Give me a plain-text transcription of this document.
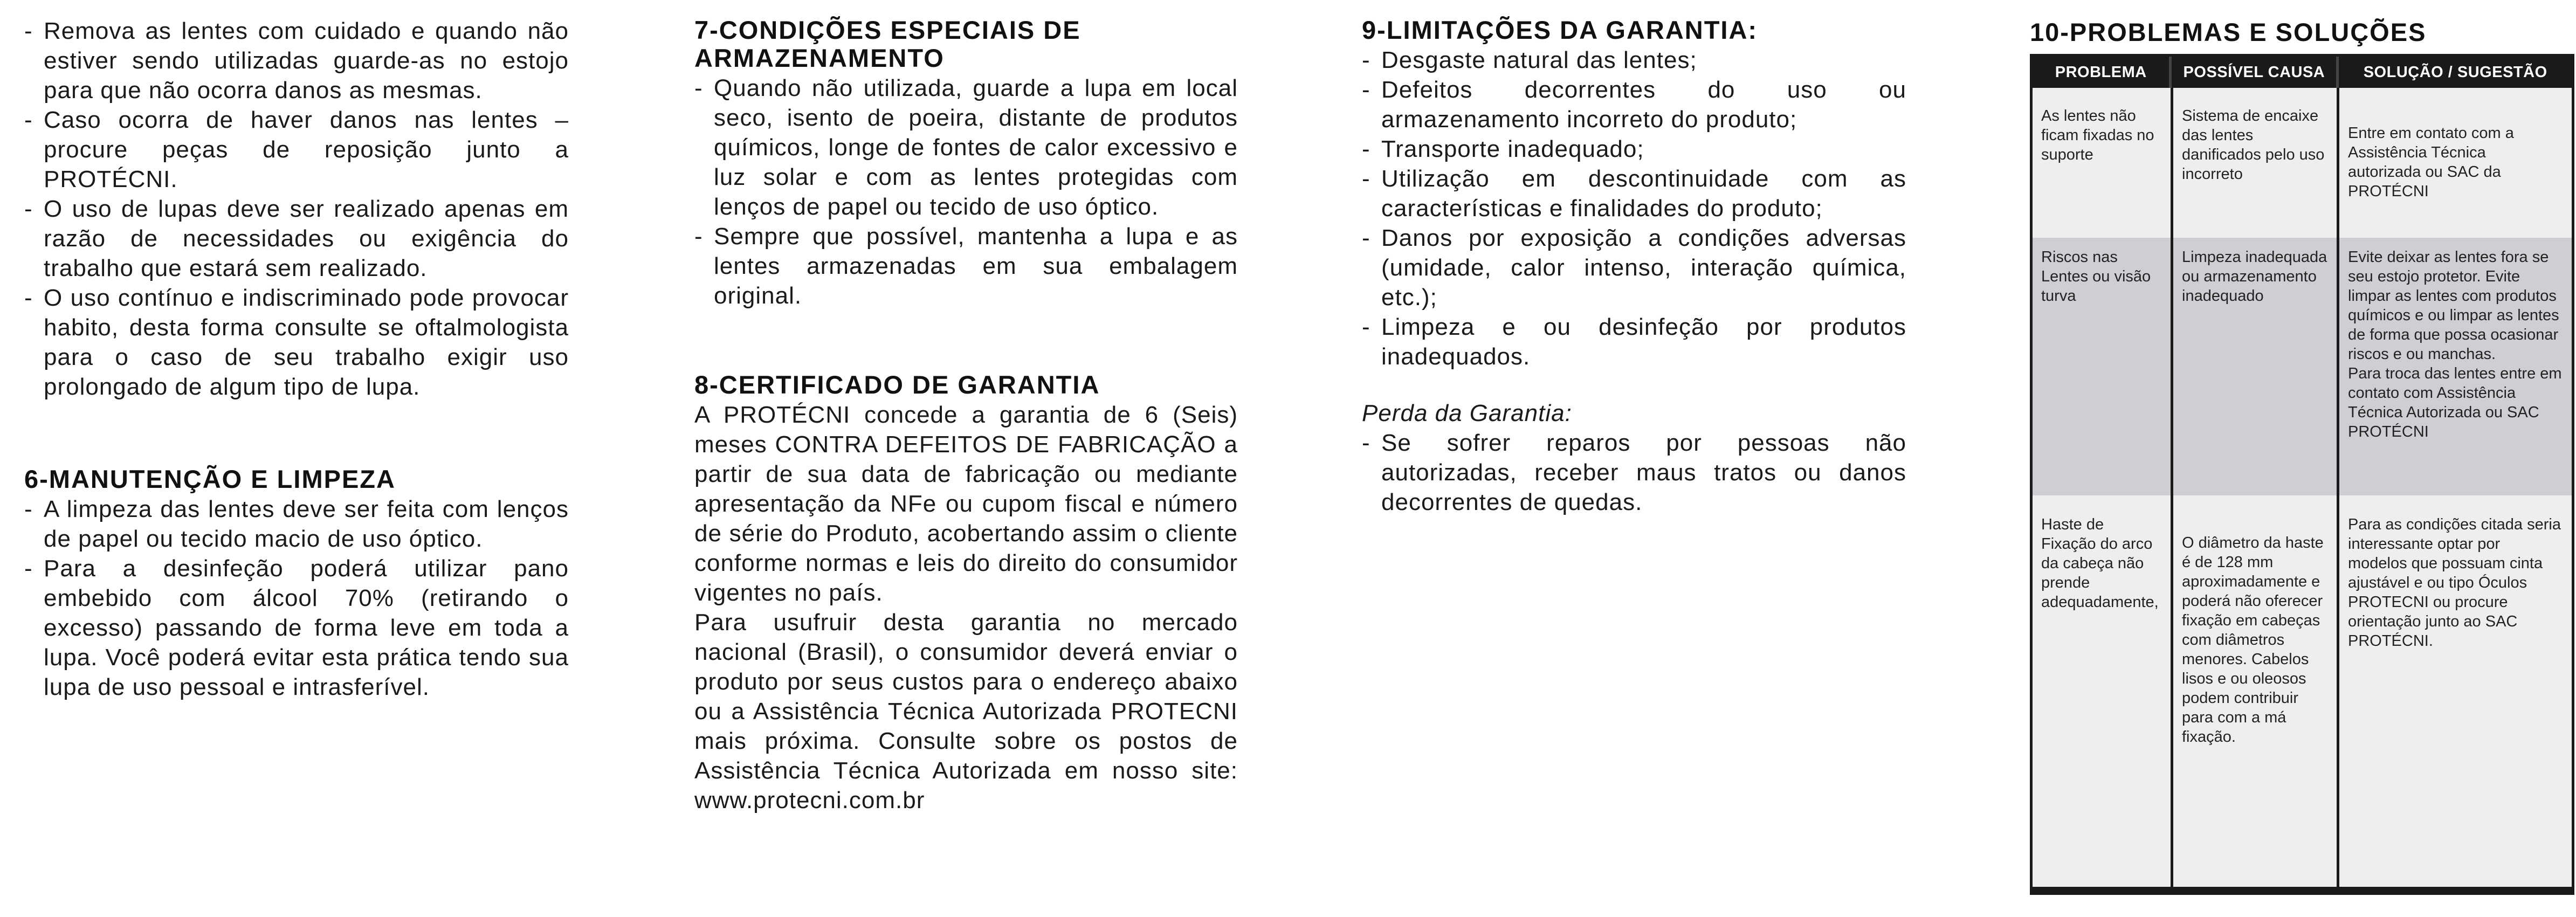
- Remova as lentes com cuidado e quando não estiver sendo utilizadas guarde-as no estojo para que não ocorra danos as mesmas.
- Caso ocorra de haver danos nas lentes – procure peças de reposição junto a PROTÉCNI.
- O uso de lupas deve ser realizado apenas em razão de necessidades ou exigência do trabalho que estará sem realizado.
- O uso contínuo e indiscriminado pode provocar habito, desta forma consulte se oftalmologista para o caso de seu trabalho exigir uso prolongado de algum tipo de lupa.
6-MANUTENÇÃO E LIMPEZA
- A limpeza das lentes deve ser feita com lenços de papel ou tecido macio de uso óptico.
- Para a desinfeção poderá utilizar pano embebido com álcool 70% (retirando o excesso) passando de forma leve em toda a lupa. Você poderá evitar esta prática tendo sua lupa de uso pessoal e intrasferível.
7-CONDIÇÕES ESPECIAIS DE ARMAZENAMENTO
- Quando não utilizada, guarde a lupa em local seco, isento de poeira, distante de produtos químicos, longe de fontes de calor excessivo e luz solar e com as lentes protegidas com lenços de papel ou tecido de uso óptico.
- Sempre que possível, mantenha a lupa e as lentes armazenadas em sua embalagem original.
8-CERTIFICADO DE GARANTIA

A PROTÉCNI concede a garantia de 6 (Seis) meses CONTRA DEFEITOS DE FABRICAÇÃO a partir de sua data de fabricação ou mediante apresentação da NFe ou cupom fiscal e número de série do Produto, acobertando assim o cliente conforme normas e leis do direito do consumidor vigentes no país.

Para usufruir desta garantia no mercado nacional (Brasil), o consumidor deverá enviar o produto por seus custos para o endereço abaixo ou a Assistência Técnica Autorizada PROTECNI mais próxima. Consulte sobre os postos de Assistência Técnica Autorizada em nosso site: www.protecni.com.br

9-LIMITAÇÕES DA GARANTIA:
- Desgaste natural das lentes;
- Defeitos decorrentes do uso ou armazenamento incorreto do produto;
- Transporte inadequado;
- Utilização em descontinuidade com as características e finalidades do produto;
- Danos por exposição a condições adversas (umidade, calor intenso, interação química, etc.);
- Limpeza e ou desinfeção por produtos inadequados.

Perda da Garantia:

- Se sofrer reparos por pessoas não autorizadas, receber maus tratos ou danos decorrentes de quedas.
10-PROBLEMAS E SOLUÇÕES
PROBLEMA	POSSÍVEL CAUSA	SOLUÇÃO / SUGESTÃO
As lentes não ficam fixadas no suporte
Sistema de encaixe das lentes danificados pelo uso incorreto
Entre em contato com a Assistência Técnica autorizada ou SAC da PROTÉCNI
Riscos nas Lentes ou visão turva
Limpeza inadequada ou armazenamento inadequado
Evite deixar as lentes fora se seu estojo protetor. Evite limpar as lentes com produtos químicos e ou limpar as lentes de forma que possa ocasionar riscos e ou manchas.
Para troca das lentes entre em contato com Assistência Técnica Autorizada ou SAC PROTÉCNI
Haste de Fixação do arco da cabeça não prende adequadamente,
O diâmetro da haste é de 128 mm aproximadamente e poderá não oferecer fixação em cabeças com diâmetros menores. Cabelos lisos e ou oleosos podem contribuir para com a má fixação.
Para as condições citada seria interessante optar por modelos que possuam cinta ajustável e ou tipo Óculos PROTECNI ou procure orientação junto ao SAC PROTÉCNI.
